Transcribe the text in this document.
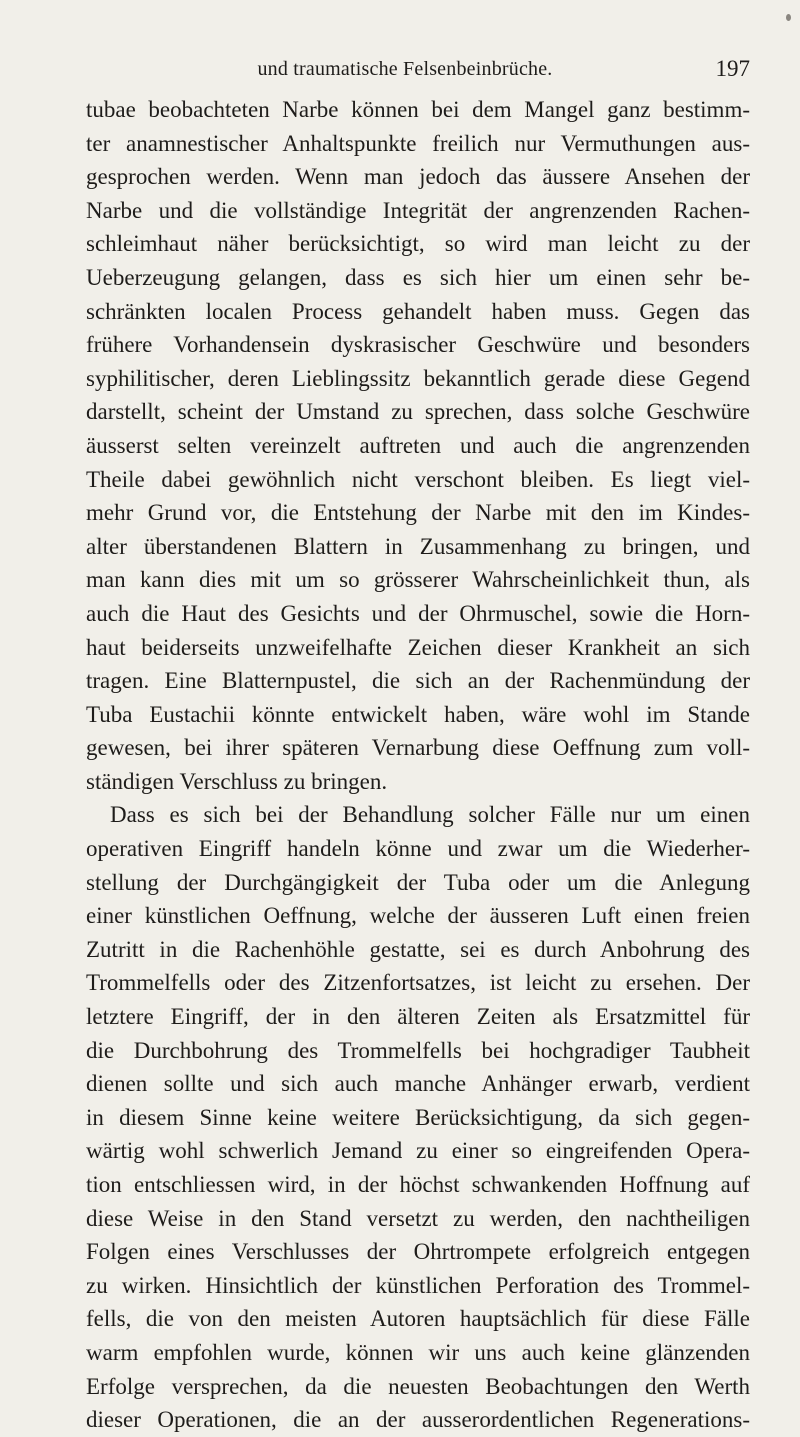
und traumatische Felsenbeinbrüche.	197
tubae beobachteten Narbe können bei dem Mangel ganz bestimm-
ter anamnestischer Anhaltspunkte freilich nur Vermuthungen aus-
gesprochen werden. Wenn man jedoch das äussere Ansehen der
Narbe und die vollständige Integrität der angrenzenden Rachen-
schleimhaut näher berücksichtigt, so wird man leicht zu der
Ueberzeugung gelangen, dass es sich hier um einen sehr be-
schränkten localen Process gehandelt haben muss. Gegen das
frühere Vorhandensein dyskrasischer Geschwüre und besonders
syphilitischer, deren Lieblingssitz bekanntlich gerade diese Gegend
darstellt, scheint der Umstand zu sprechen, dass solche Geschwüre
äusserst selten vereinzelt auftreten und auch die angrenzenden
Theile dabei gewöhnlich nicht verschont bleiben. Es liegt viel-
mehr Grund vor, die Entstehung der Narbe mit den im Kindes-
alter überstandenen Blattern in Zusammenhang zu bringen, und
man kann dies mit um so grösserer Wahrscheinlichkeit thun, als
auch die Haut des Gesichts und der Ohrmuschel, sowie die Horn-
haut beiderseits unzweifelhafte Zeichen dieser Krankheit an sich
tragen. Eine Blatternpustel, die sich an der Rachenmündung der
Tuba Eustachii könnte entwickelt haben, wäre wohl im Stande
gewesen, bei ihrer späteren Vernarbung diese Oeffnung zum voll-
ständigen Verschluss zu bringen.
Dass es sich bei der Behandlung solcher Fälle nur um einen
operativen Eingriff handeln könne und zwar um die Wiederher-
stellung der Durchgängigkeit der Tuba oder um die Anlegung
einer künstlichen Oeffnung, welche der äusseren Luft einen freien
Zutritt in die Rachenhöhle gestatte, sei es durch Anbohrung des
Trommelfells oder des Zitzenfortsatzes, ist leicht zu ersehen. Der
letztere Eingriff, der in den älteren Zeiten als Ersatzmittel für
die Durchbohrung des Trommelfells bei hochgradiger Taubheit
dienen sollte und sich auch manche Anhänger erwarb, verdient
in diesem Sinne keine weitere Berücksichtigung, da sich gegen-
wärtig wohl schwerlich Jemand zu einer so eingreifenden Opera-
tion entschliessen wird, in der höchst schwankenden Hoffnung auf
diese Weise in den Stand versetzt zu werden, den nachtheiligen
Folgen eines Verschlusses der Ohrtrompete erfolgreich entgegen
zu wirken. Hinsichtlich der künstlichen Perforation des Trommel-
fells, die von den meisten Autoren hauptsächlich für diese Fälle
warm empfohlen wurde, können wir uns auch keine glänzenden
Erfolge versprechen, da die neuesten Beobachtungen den Werth
dieser Operationen, die an der ausserordentlichen Regenerations-
